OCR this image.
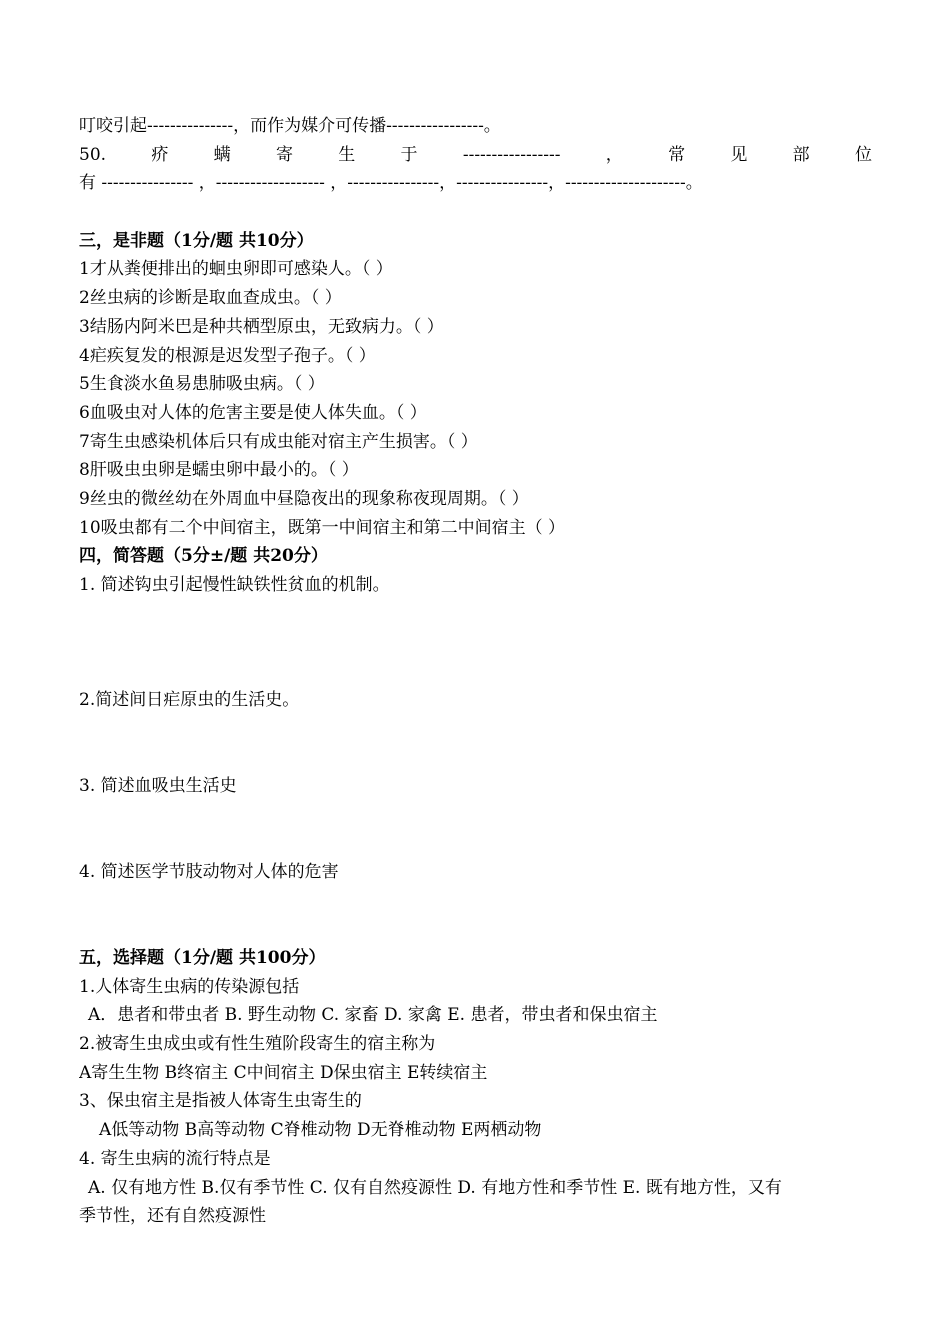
叮咬引起---------------，而作为媒介可传播-----------------。
50.	疥	螨	寄	生	于	-----------------	，	常	见	部	位
有 ---------------- ，------------------- ，----------------，----------------，---------------------。
三，是非题（1分/题 共10分）
1才从粪便排出的蛔虫卵即可感染人。（ ）
2丝虫病的诊断是取血查成虫。（ ）
3结肠内阿米巴是种共栖型原虫，无致病力。（ ）
4疟疾复发的根源是迟发型子孢子。（ ）
5生食淡水鱼易患肺吸虫病。（ ）
6血吸虫对人体的危害主要是使人体失血。（ ）
7寄生虫感染机体后只有成虫能对宿主产生损害。（ ）
8肝吸虫虫卵是蠕虫卵中最小的。（ ）
9丝虫的微丝幼在外周血中昼隐夜出的现象称夜现周期。（ ）
10吸虫都有二个中间宿主，既第一中间宿主和第二中间宿主（ ）
四，简答题（5分±/题 共20分）
1. 简述钩虫引起慢性缺铁性贫血的机制。
2.简述间日疟原虫的生活史。
3. 简述血吸虫生活史
4. 简述医学节肢动物对人体的危害
五，选择题（1分/题 共100分）
1.人体寄生虫病的传染源包括
A．患者和带虫者 B. 野生动物 C. 家畜 D. 家禽 E. 患者，带虫者和保虫宿主
2.被寄生虫成虫或有性生殖阶段寄生的宿主称为
A寄生生物 B终宿主 C中间宿主 D保虫宿主 E转续宿主
3、保虫宿主是指被人体寄生虫寄生的
A低等动物 B高等动物 C脊椎动物 D无脊椎动物 E两栖动物
4. 寄生虫病的流行特点是
A. 仅有地方性 B.仅有季节性 C. 仅有自然疫源性 D. 有地方性和季节性 E. 既有地方性，又有
季节性，还有自然疫源性
